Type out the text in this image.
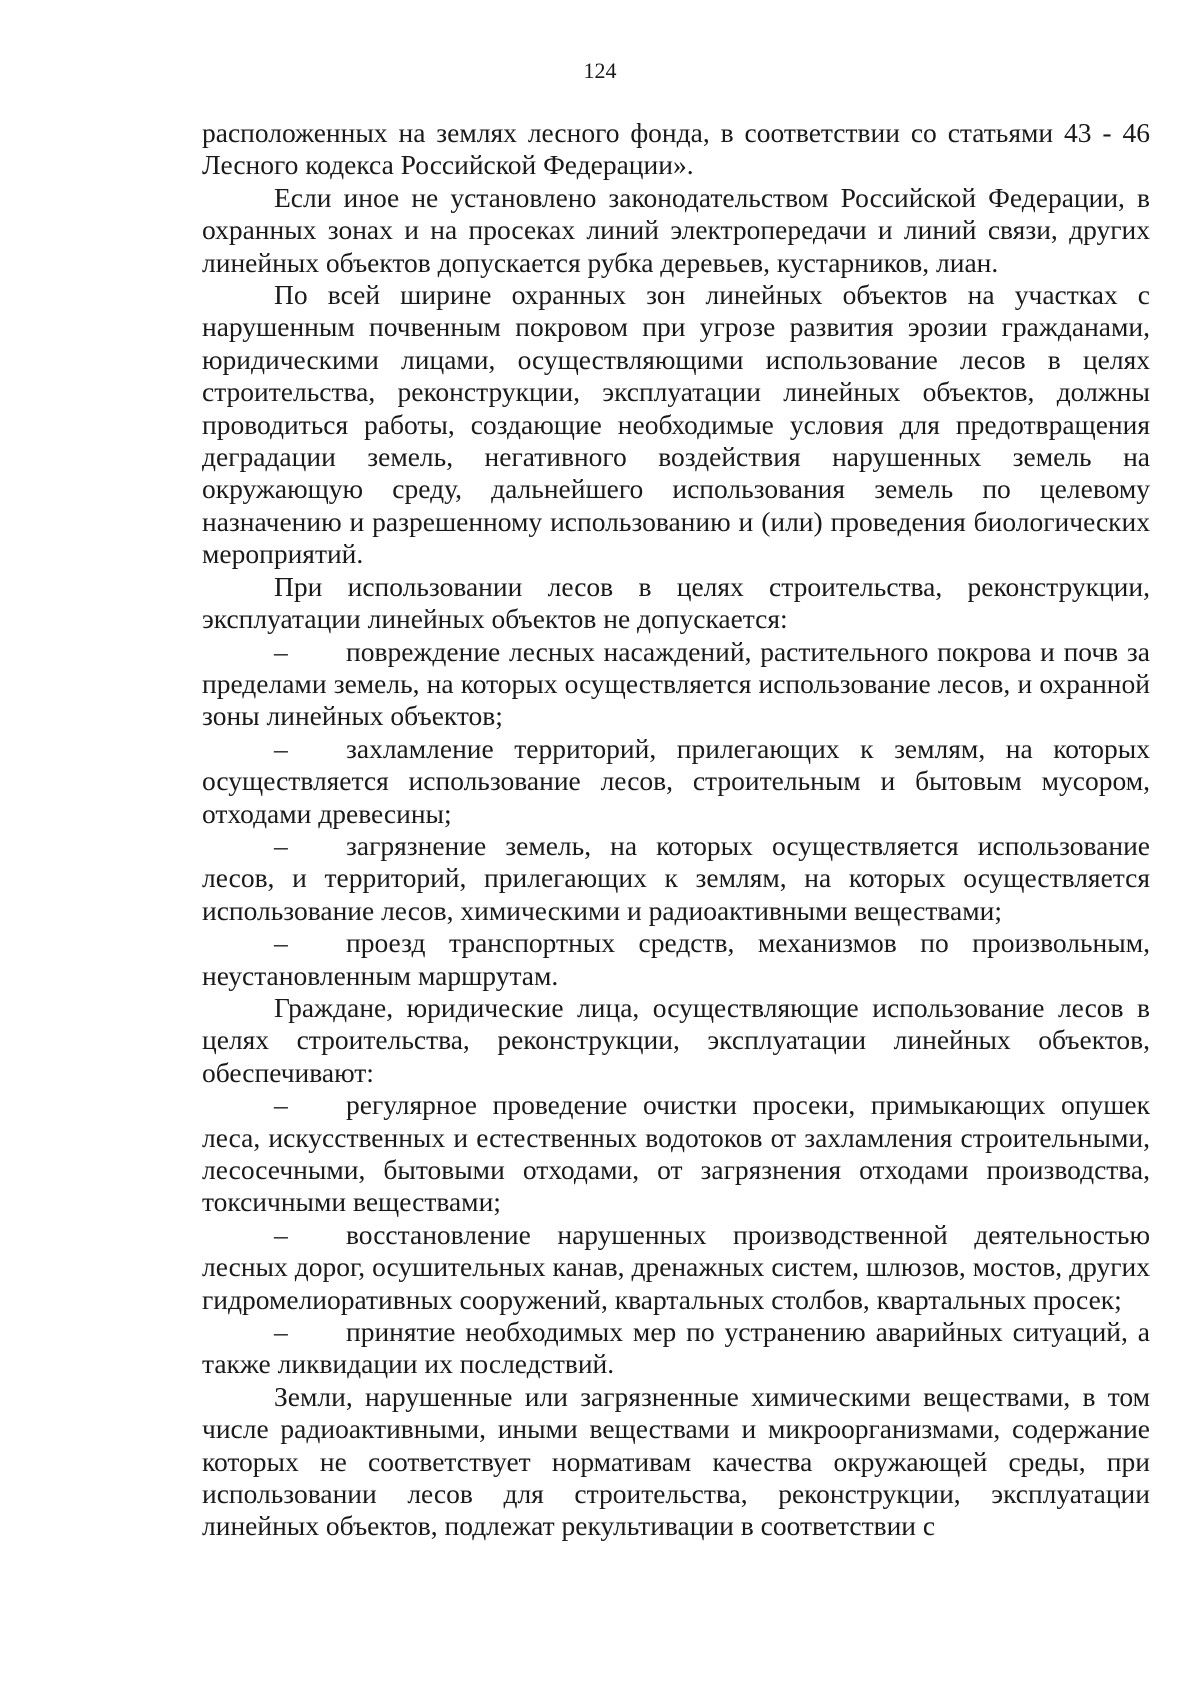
124

расположенных на землях лесного фонда, в соответствии со статьями 43 - 46 Лесного кодекса Российской Федерации».

Если иное не установлено законодательством Российской Федерации, в охранных зонах и на просеках линий электропередачи и линий связи, других линейных объектов допускается рубка деревьев, кустарников, лиан.

По всей ширине охранных зон линейных объектов на участках с нарушенным почвенным покровом при угрозе развития эрозии гражданами, юридическими лицами, осуществляющими использование лесов в целях строительства, реконструкции, эксплуатации линейных объектов, должны проводиться работы, создающие необходимые условия для предотвращения деградации земель, негативного воздействия нарушенных земель на окружающую среду, дальнейшего использования земель по целевому назначению и разрешенному использованию и (или) проведения биологических мероприятий.

При использовании лесов в целях строительства, реконструкции, эксплуатации линейных объектов не допускается:

– повреждение лесных насаждений, растительного покрова и почв за пределами земель, на которых осуществляется использование лесов, и охранной зоны линейных объектов;

– захламление территорий, прилегающих к землям, на которых осуществляется использование лесов, строительным и бытовым мусором, отходами древесины;

– загрязнение земель, на которых осуществляется использование лесов, и территорий, прилегающих к землям, на которых осуществляется использование лесов, химическими и радиоактивными веществами;

– проезд транспортных средств, механизмов по произвольным, неустановленным маршрутам.

Граждане, юридические лица, осуществляющие использование лесов в целях строительства, реконструкции, эксплуатации линейных объектов, обеспечивают:

– регулярное проведение очистки просеки, примыкающих опушек леса, искусственных и естественных водотоков от захламления строительными, лесосечными, бытовыми отходами, от загрязнения отходами производства, токсичными веществами;

– восстановление нарушенных производственной деятельностью лесных дорог, осушительных канав, дренажных систем, шлюзов, мостов, других гидромелиоративных сооружений, квартальных столбов, квартальных просек;

– принятие необходимых мер по устранению аварийных ситуаций, а также ликвидации их последствий.

Земли, нарушенные или загрязненные химическими веществами, в том числе радиоактивными, иными веществами и микроорганизмами, содержание которых не соответствует нормативам качества окружающей среды, при использовании лесов для строительства, реконструкции, эксплуатации линейных объектов, подлежат рекультивации в соответствии с
